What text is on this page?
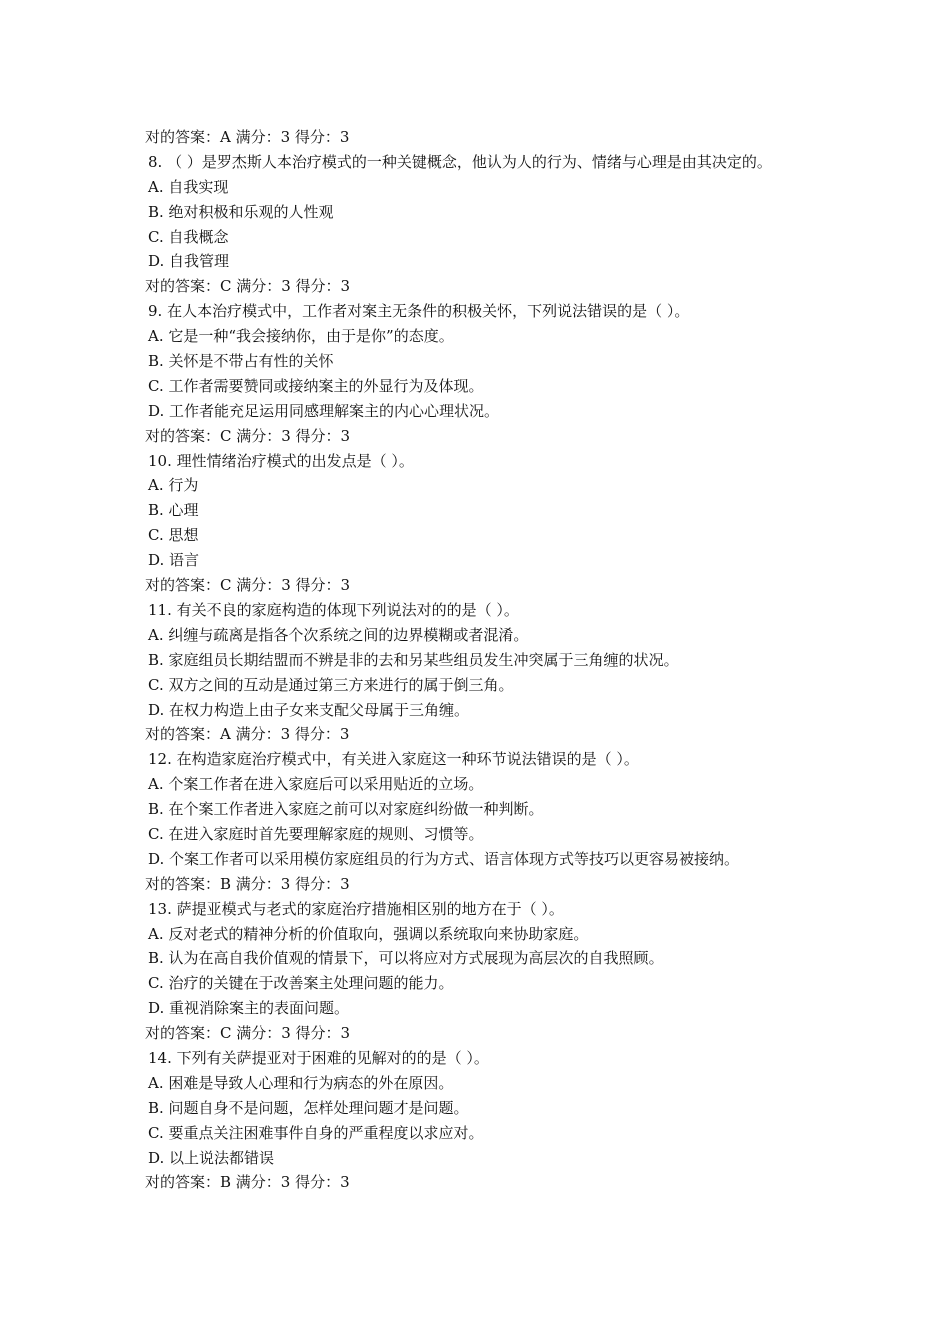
对的答案：A 满分：3 得分：3
8. （ ）是罗杰斯人本治疗模式的一种关键概念，他认为人的行为、情绪与心理是由其决定的。
A. 自我实现
B. 绝对积极和乐观的人性观
C. 自我概念
D. 自我管理
对的答案：C 满分：3 得分：3
9. 在人本治疗模式中，工作者对案主无条件的积极关怀，下列说法错误的是（ ）。
A. 它是一种“我会接纳你，由于是你”的态度。
B. 关怀是不带占有性的关怀
C. 工作者需要赞同或接纳案主的外显行为及体现。
D. 工作者能充足运用同感理解案主的内心心理状况。
对的答案：C 满分：3 得分：3
10. 理性情绪治疗模式的出发点是（ ）。
A. 行为
B. 心理
C. 思想
D. 语言
对的答案：C 满分：3 得分：3
11. 有关不良的家庭构造的体现下列说法对的的是（ ）。
A. 纠缠与疏离是指各个次系统之间的边界模糊或者混淆。
B. 家庭组员长期结盟而不辨是非的去和另某些组员发生冲突属于三角缠的状况。
C. 双方之间的互动是通过第三方来进行的属于倒三角。
D. 在权力构造上由子女来支配父母属于三角缠。
对的答案：A 满分：3 得分：3
12. 在构造家庭治疗模式中，有关进入家庭这一种环节说法错误的是（ ）。
A. 个案工作者在进入家庭后可以采用贴近的立场。
B. 在个案工作者进入家庭之前可以对家庭纠纷做一种判断。
C. 在进入家庭时首先要理解家庭的规则、习惯等。
D. 个案工作者可以采用模仿家庭组员的行为方式、语言体现方式等技巧以更容易被接纳。
对的答案：B 满分：3 得分：3
13. 萨提亚模式与老式的家庭治疗措施相区别的地方在于（ ）。
A. 反对老式的精神分析的价值取向，强调以系统取向来协助家庭。
B. 认为在高自我价值观的情景下，可以将应对方式展现为高层次的自我照顾。
C. 治疗的关键在于改善案主处理问题的能力。
D. 重视消除案主的表面问题。
对的答案：C 满分：3 得分：3
14. 下列有关萨提亚对于困难的见解对的的是（ ）。
A. 困难是导致人心理和行为病态的外在原因。
B. 问题自身不是问题，怎样处理问题才是问题。
C. 要重点关注困难事件自身的严重程度以求应对。
D. 以上说法都错误
对的答案：B 满分：3 得分：3
